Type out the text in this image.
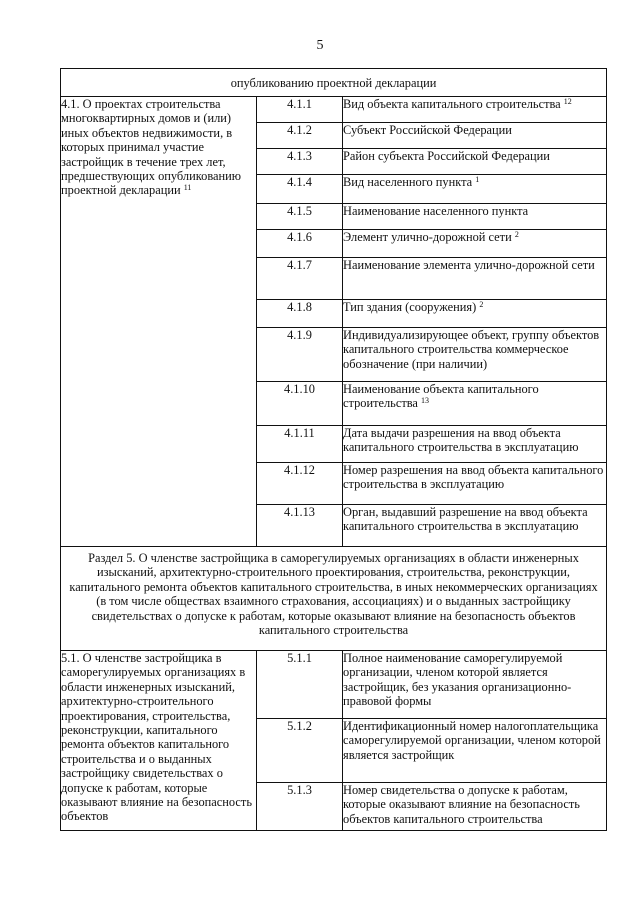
5
опубликованию проектной декларации		
4.1. О проектах строительства многоквартирных домов и (или) иных объектов недвижимости, в которых принимал участие застройщик в течение трех лет, предшествующих опубликованию проектной декларации $^{11}$	4.1.1	Вид объекта капитального строительства $^{12}$
	4.1.2	Субъект Российской Федерации
	4.1.3	Район субъекта Российской Федерации
	4.1.4	Вид населенного пункта $^1$
	4.1.5	Наименование населенного пункта
	4.1.6	Элемент улично-дорожной сети $^2$
	4.1.7	Наименование элемента улично-дорожной сети
	4.1.8	Тип здания (сооружения) $^2$
	4.1.9	Индивидуализирующее объект, группу объектов капитального строительства коммерческое обозначение (при наличии)
	4.1.10	Наименование объекта капитального строительства $^{13}$
	4.1.11	Дата выдачи разрешения на ввод объекта капитального строительства в эксплуатацию
	4.1.12	Номер разрешения на ввод объекта капитального строительства в эксплуатацию
	4.1.13	Орган, выдавший разрешение на ввод объекта капитального строительства в эксплуатацию
Раздел 5. О членстве застройщика в саморегулируемых организациях в области инженерных изысканий, архитектурно-строительного проектирования, строительства, реконструкции, капитального ремонта объектов капитального строительства, в иных некоммерческих организациях (в том числе обществах взаимного страхования, ассоциациях) и о выданных застройщику свидетельствах о допуске к работам, которые оказывают влияние на безопасность объектов капитального строительства		
5.1. О членстве застройщика в саморегулируемых организациях в области инженерных изысканий, архитектурно-строительного проектирования, строительства, реконструкции, капитального ремонта объектов капитального строительства и о выданных застройщику свидетельствах о допуске к работам, которые оказывают влияние на безопасность объектов	5.1.1	Полное наименование саморегулируемой организации, членом которой является застройщик, без указания организационно-правовой формы
	5.1.2	Идентификационный номер налогоплательщика саморегулируемой организации, членом которой является застройщик
	5.1.3	Номер свидетельства о допуске к работам, которые оказывают влияние на безопасность объектов капитального строительства
